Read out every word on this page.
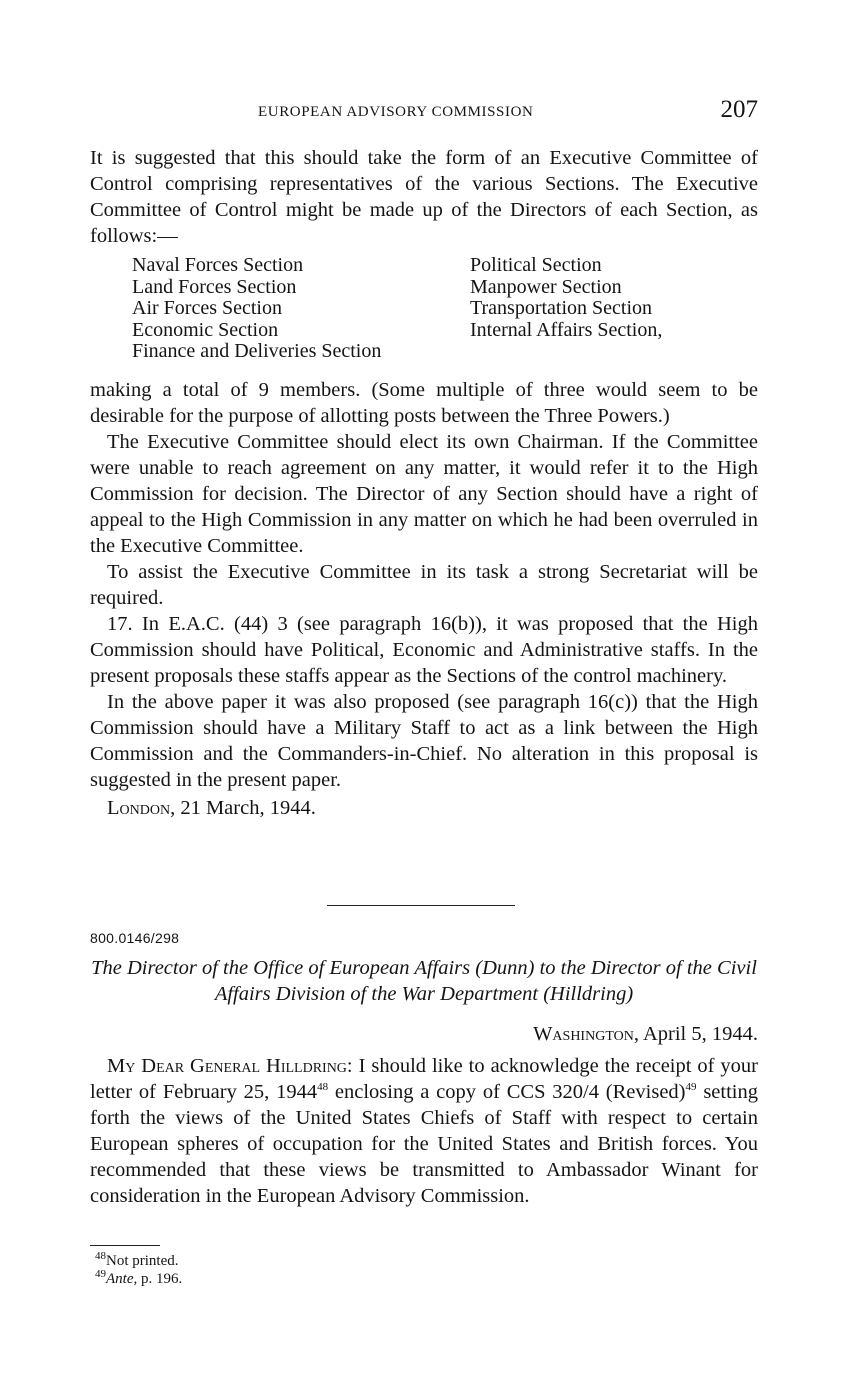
EUROPEAN ADVISORY COMMISSION	207

It is suggested that this should take the form of an Executive Committee of Control comprising representatives of the various Sections. The Executive Committee of Control might be made up of the Directors of each Section, as follows:—

Naval Forces Section
Land Forces Section
Air Forces Section
Economic Section
Finance and Deliveries Section
Political Section
Manpower Section
Transportation Section
Internal Affairs Section,

making a total of 9 members. (Some multiple of three would seem to be desirable for the purpose of allotting posts between the Three Powers.)

The Executive Committee should elect its own Chairman. If the Committee were unable to reach agreement on any matter, it would refer it to the High Commission for decision. The Director of any Section should have a right of appeal to the High Commission in any matter on which he had been overruled in the Executive Committee.

To assist the Executive Committee in its task a strong Secretariat will be required.

17. In E.A.C. (44) 3 (see paragraph 16(b)), it was proposed that the High Commission should have Political, Economic and Administrative staffs. In the present proposals these staffs appear as the Sections of the control machinery.

In the above paper it was also proposed (see paragraph 16(c)) that the High Commission should have a Military Staff to act as a link between the High Commission and the Commanders-in-Chief. No alteration in this proposal is suggested in the present paper.

London, 21 March, 1944.
800.0146/298
The Director of the Office of European Affairs (Dunn) to the Director of the Civil Affairs Division of the War Department (Hilldring)
Washington, April 5, 1944.

My Dear General Hilldring: I should like to acknowledge the receipt of your letter of February 25, 1944$^{48}$ enclosing a copy of CCS 320/4 (Revised)$^{49}$ setting forth the views of the United States Chiefs of Staff with respect to certain European spheres of occupation for the United States and British forces. You recommended that these views be transmitted to Ambassador Winant for consideration in the European Advisory Commission.

$^{48}$Not printed.
$^{49}$Ante, p. 196.
